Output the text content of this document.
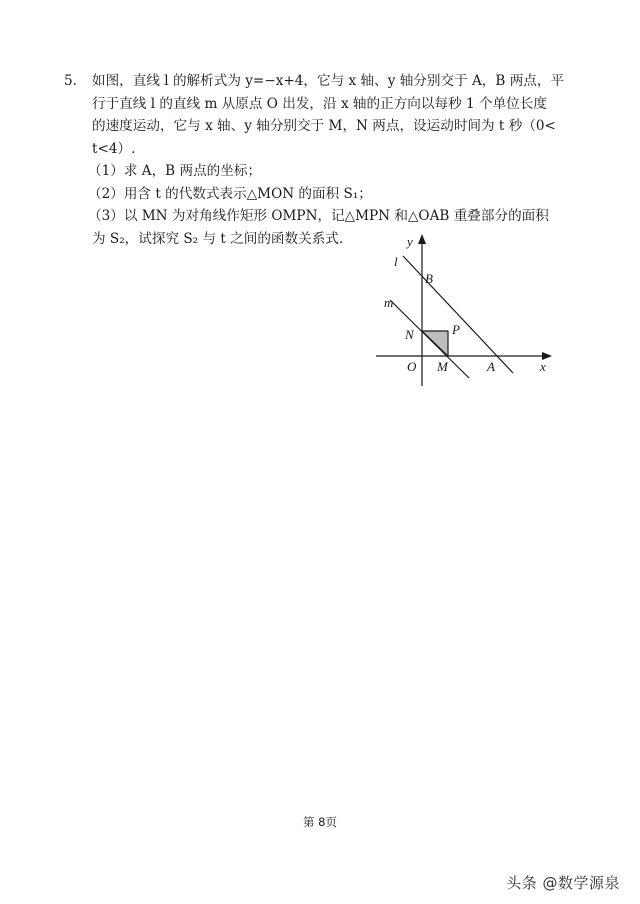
5. 如图，直线 l 的解析式为 y=−x+4，它与 x 轴、y 轴分别交于 A，B 两点，平
行于直线 l 的直线 m 从原点 O 出发，沿 x 轴的正方向以每秒 1 个单位长度
的速度运动，它与 x 轴、y 轴分别交于 M，N 两点，设运动时间为 t 秒（0<
t<4）.
（1）求 A，B 两点的坐标；
（2）用含 t 的代数式表示△MON 的面积 S₁；
（3）以 MN 为对角线作矩形 OMPN，记△MPN 和△OAB 重叠部分的面积
为 S₂，试探究 S₂ 与 t 之间的函数关系式.	y
x
l
m
B
N	P
O M	A
第 8页
头条 @数学源泉
